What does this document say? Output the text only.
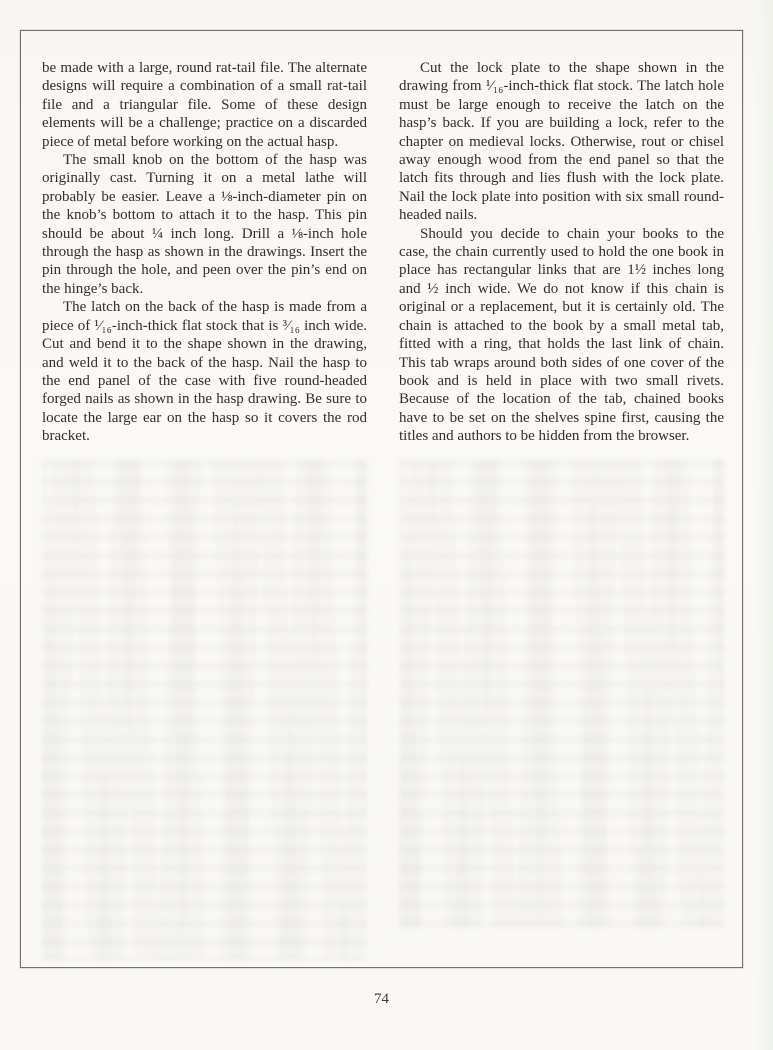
be made with a large, round rat-tail file. The alternate designs will require a combination of a small rat-tail file and a triangular file. Some of these design elements will be a challenge; practice on a discarded piece of metal before working on the actual hasp.

The small knob on the bottom of the hasp was originally cast. Turning it on a metal lathe will probably be easier. Leave a ⅛-inch-diameter pin on the knob’s bottom to attach it to the hasp. This pin should be about ¼ inch long. Drill a ⅛-inch hole through the hasp as shown in the drawings. Insert the pin through the hole, and peen over the pin’s end on the hinge’s back.

The latch on the back of the hasp is made from a piece of ¹⁄₁₆-inch-thick flat stock that is ³⁄₁₆ inch wide. Cut and bend it to the shape shown in the drawing, and weld it to the back of the hasp. Nail the hasp to the end panel of the case with five round-headed forged nails as shown in the hasp drawing. Be sure to locate the large ear on the hasp so it covers the rod bracket.

Cut the lock plate to the shape shown in the drawing from ¹⁄₁₆-inch-thick flat stock. The latch hole must be large enough to receive the latch on the hasp’s back. If you are building a lock, refer to the chapter on medieval locks. Otherwise, rout or chisel away enough wood from the end panel so that the latch fits through and lies flush with the lock plate. Nail the lock plate into position with six small round-headed nails.

Should you decide to chain your books to the case, the chain currently used to hold the one book in place has rectangular links that are 1½ inches long and ½ inch wide. We do not know if this chain is original or a replacement, but it is certainly old. The chain is attached to the book by a small metal tab, fitted with a ring, that holds the last link of chain. This tab wraps around both sides of one cover of the book and is held in place with two small rivets. Because of the location of the tab, chained books have to be set on the shelves spine first, causing the titles and authors to be hidden from the browser.

74
